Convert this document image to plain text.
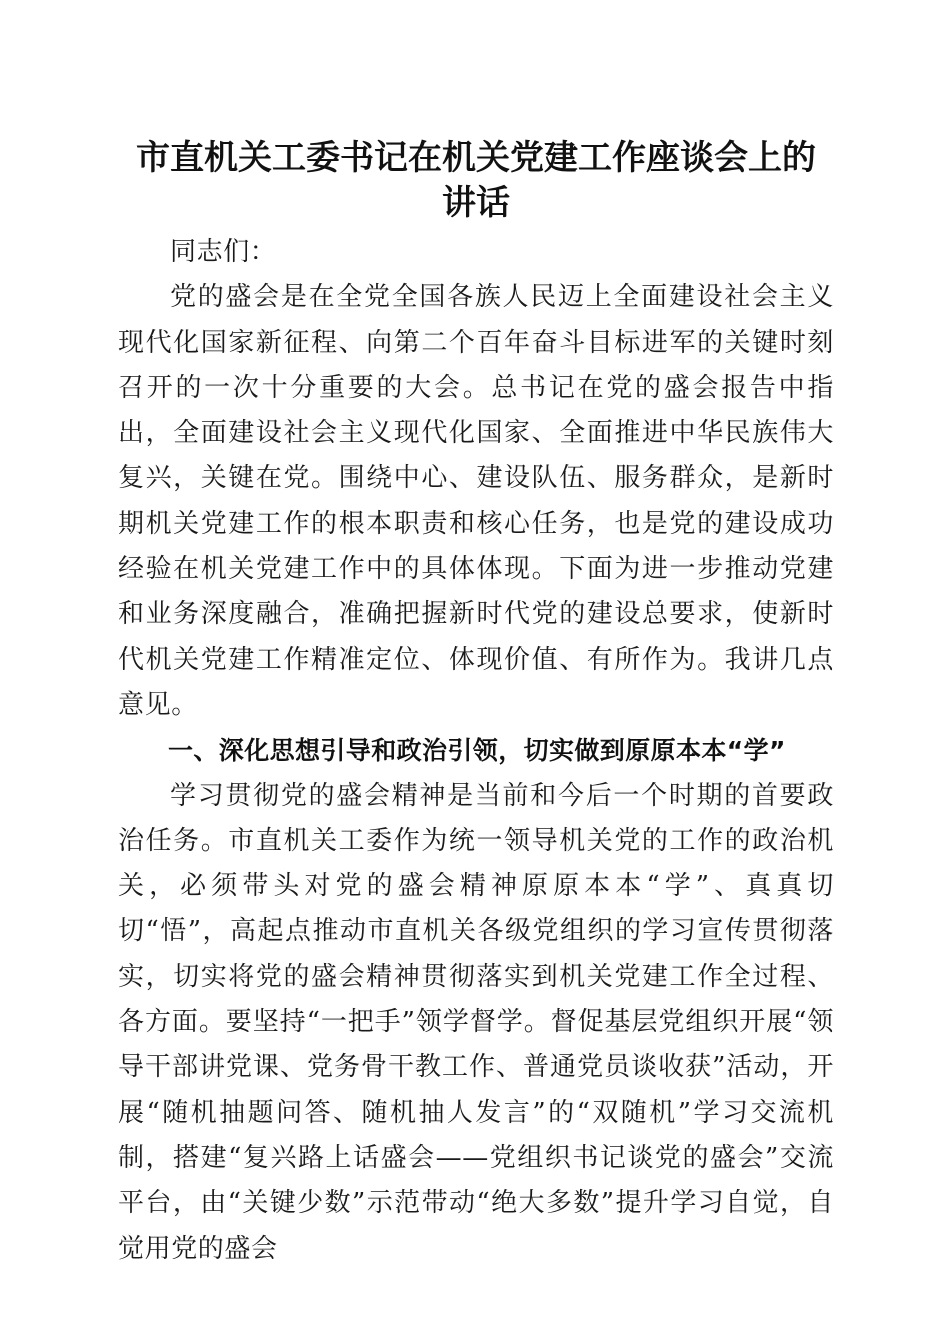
市直机关工委书记在机关党建工作座谈会上的
讲话

同志们：

党的盛会是在全党全国各族人民迈上全面建设社会主义现代化国家新征程、向第二个百年奋斗目标进军的关键时刻召开的一次十分重要的大会。总书记在党的盛会报告中指出，全面建设社会主义现代化国家、全面推进中华民族伟大复兴，关键在党。围绕中心、建设队伍、服务群众，是新时期机关党建工作的根本职责和核心任务，也是党的建设成功经验在机关党建工作中的具体体现。下面为进一步推动党建和业务深度融合，准确把握新时代党的建设总要求，使新时代机关党建工作精准定位、体现价值、有所作为。我讲几点意见。

一、深化思想引导和政治引领，切实做到原原本本“学”

学习贯彻党的盛会精神是当前和今后一个时期的首要政治任务。市直机关工委作为统一领导机关党的工作的政治机关，必须带头对党的盛会精神原原本本“学”、真真切切“悟”，高起点推动市直机关各级党组织的学习宣传贯彻落实，切实将党的盛会精神贯彻落实到机关党建工作全过程、各方面。要坚持“一把手”领学督学。督促基层党组织开展“领导干部讲党课、党务骨干教工作、普通党员谈收获”活动，开展“随机抽题问答、随机抽人发言”的“双随机”学习交流机制，搭建“复兴路上话盛会——党组织书记谈党的盛会”交流平台，由“关键少数”示范带动“绝大多数”提升学习自觉，自觉用党的盛会
